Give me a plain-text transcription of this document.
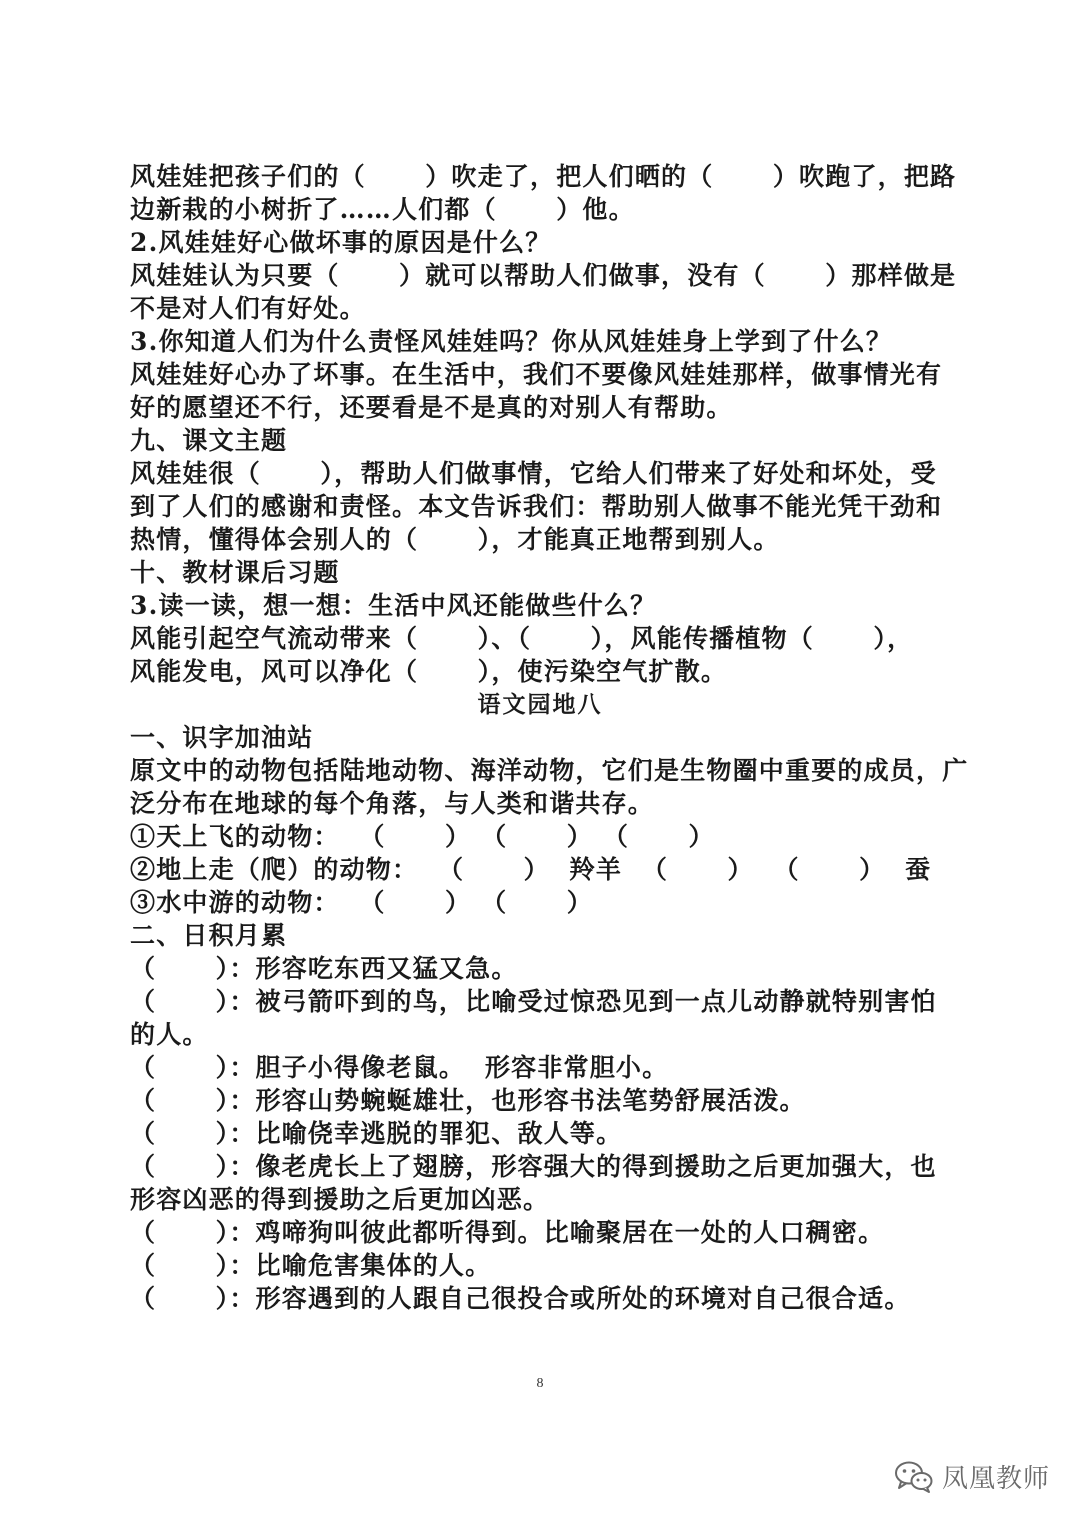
风娃娃把孩子们的（      ）吹走了，把人们晒的（      ）吹跑了，把路
边新栽的小树折了……人们都（      ）他。
2.风娃娃好心做坏事的原因是什么？
风娃娃认为只要（      ）就可以帮助人们做事，没有（      ）那样做是
不是对人们有好处。
3.你知道人们为什么责怪风娃娃吗？你从风娃娃身上学到了什么？
风娃娃好心办了坏事。在生活中，我们不要像风娃娃那样，做事情光有
好的愿望还不行，还要看是不是真的对别人有帮助。
九、课文主题
风娃娃很（      ），帮助人们做事情，它给人们带来了好处和坏处，受
到了人们的感谢和责怪。本文告诉我们：帮助别人做事不能光凭干劲和
热情，懂得体会别人的（      ），才能真正地帮到别人。
十、教材课后习题
3.读一读，想一想：生活中风还能做些什么？
风能引起空气流动带来（      ）、（      ），风能传播植物（      ），
风能发电，风可以净化（      ），使污染空气扩散。
语文园地八
一、识字加油站
原文中的动物包括陆地动物、海洋动物，它们是生物圈中重要的成员，广
泛分布在地球的每个角落，与人类和谐共存。
①天上飞的动物：  （      ） （      ） （      ）
②地上走（爬）的动物：  （      ）  羚羊  （      ）  （      ）  蚕
③水中游的动物：  （      ） （      ）
二、日积月累
（      ）：形容吃东西又猛又急。
（      ）：被弓箭吓到的鸟，比喻受过惊恐见到一点儿动静就特别害怕
的人。
（      ）：胆子小得像老鼠。  形容非常胆小。
（      ）：形容山势蜿蜒雄壮，也形容书法笔势舒展活泼。
（      ）：比喻侥幸逃脱的罪犯、敌人等。
（      ）：像老虎长上了翅膀，形容强大的得到援助之后更加强大，也
形容凶恶的得到援助之后更加凶恶。
（      ）：鸡啼狗叫彼此都听得到。比喻聚居在一处的人口稠密。
（      ）：比喻危害集体的人。
（      ）：形容遇到的人跟自己很投合或所处的环境对自己很合适。
8
凤凰教师
